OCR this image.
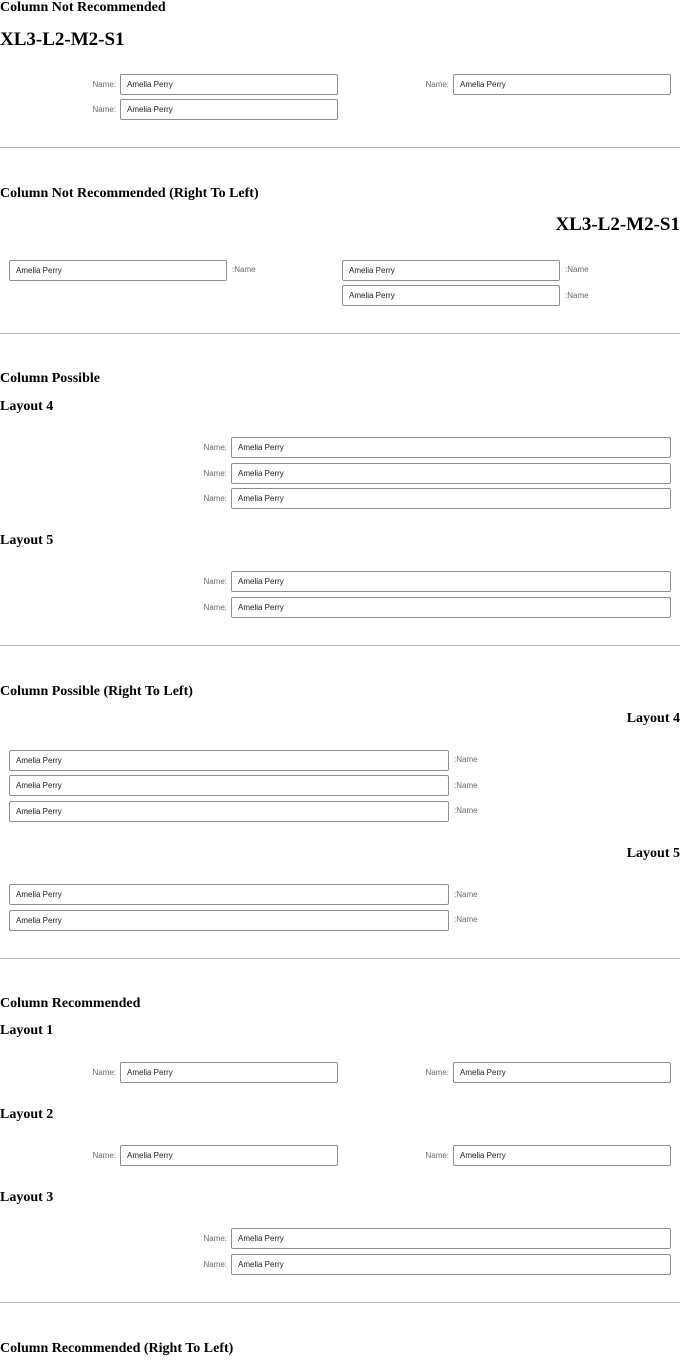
Column Not Recommended
XL3-L2-M2-S1
Name:
Amelia Perry	Name:
Amelia Perry
Name:
Amelia Perry
Column Not Recommended (Right To Left)
XL3-L2-M2-S1
Amelia Perry
:Name
Amelia Perry	:Name
Amelia Perry
:Name
Column Possible
Layout 4
Name:
Amelia Perry
Name:
Amelia Perry
Name:
Amelia Perry
Layout 5
Name:
Amelia Perry
Name:
Amelia Perry
Column Possible (Right To Left)
Layout 4
Amelia Perry
:Name
Amelia Perry
:Name
Amelia Perry
:Name
Layout 5
Amelia Perry
:Name
Amelia Perry
:Name
Column Recommended
Layout 1
Name:
Amelia Perry	Name:
Amelia Perry
Layout 2
Name:
Amelia Perry	Name:
Amelia Perry
Layout 3
Name:
Amelia Perry
Name:
Amelia Perry
Column Recommended (Right To Left)
